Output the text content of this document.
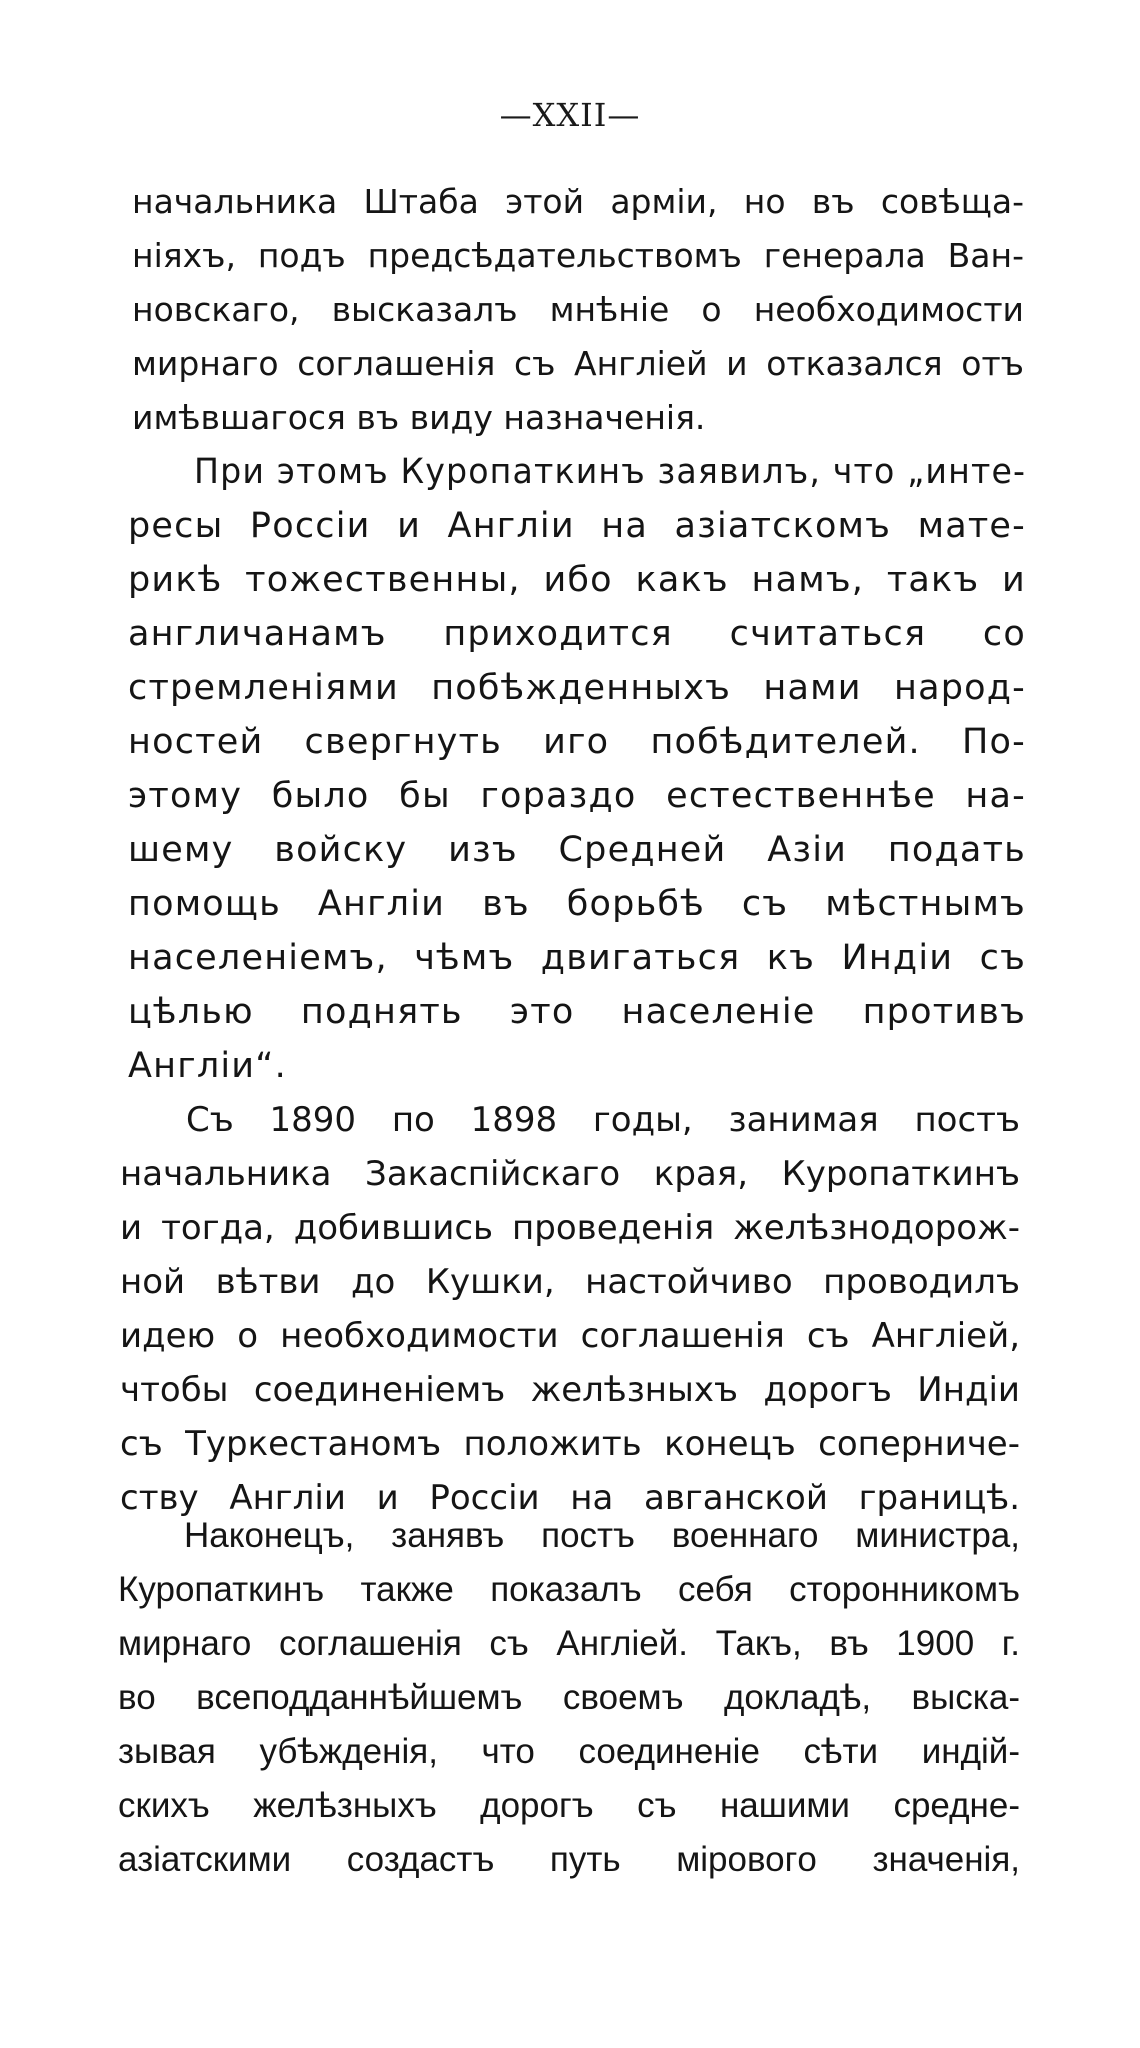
—XXII—
начальника Штаба этой арміи, но въ совѣща-
ніяхъ, подъ предсѣдательствомъ генерала Ван-
новскаго, высказалъ мнѣніе о необходимости
мирнаго соглашенія съ Англіей и отказался отъ
имѣвшагося въ виду назначенія.
При этомъ Куропаткинъ заявилъ, что „инте-
ресы Россіи и Англіи на азіатскомъ мате-
рикѣ тожественны, ибо какъ намъ, такъ и
англичанамъ приходится считаться со
стремленіями побѣжденныхъ нами народ-
ностей свергнуть иго побѣдителей. По-
этому было бы гораздо естественнѣе на-
шему войску изъ Средней Азіи подать
помощь Англіи въ борьбѣ съ мѣстнымъ
населеніемъ, чѣмъ двигаться къ Индіи съ
цѣлью поднять это населеніе противъ
Англіи“.
Съ 1890 по 1898 годы, занимая постъ
начальника Закаспійскаго края, Куропаткинъ
и тогда, добившись проведенія желѣзнодорож-
ной вѣтви до Кушки, настойчиво проводилъ
идею о необходимости соглашенія съ Англіей,
чтобы соединеніемъ желѣзныхъ дорогъ Индіи
съ Туркестаномъ положить конецъ соперниче-
ству Англіи и Россіи на авганской границѣ.
Наконецъ, занявъ постъ военнаго министра,
Куропаткинъ также показалъ себя сторонникомъ
мирнаго соглашенія съ Англіей. Такъ, въ 1900 г.
во всеподданнѣйшемъ своемъ докладѣ, выска-
зывая убѣжденія, что соединеніе сѣти индій-
скихъ желѣзныхъ дорогъ съ нашими средне-
азіатскими создастъ путь міровогo значенія,
